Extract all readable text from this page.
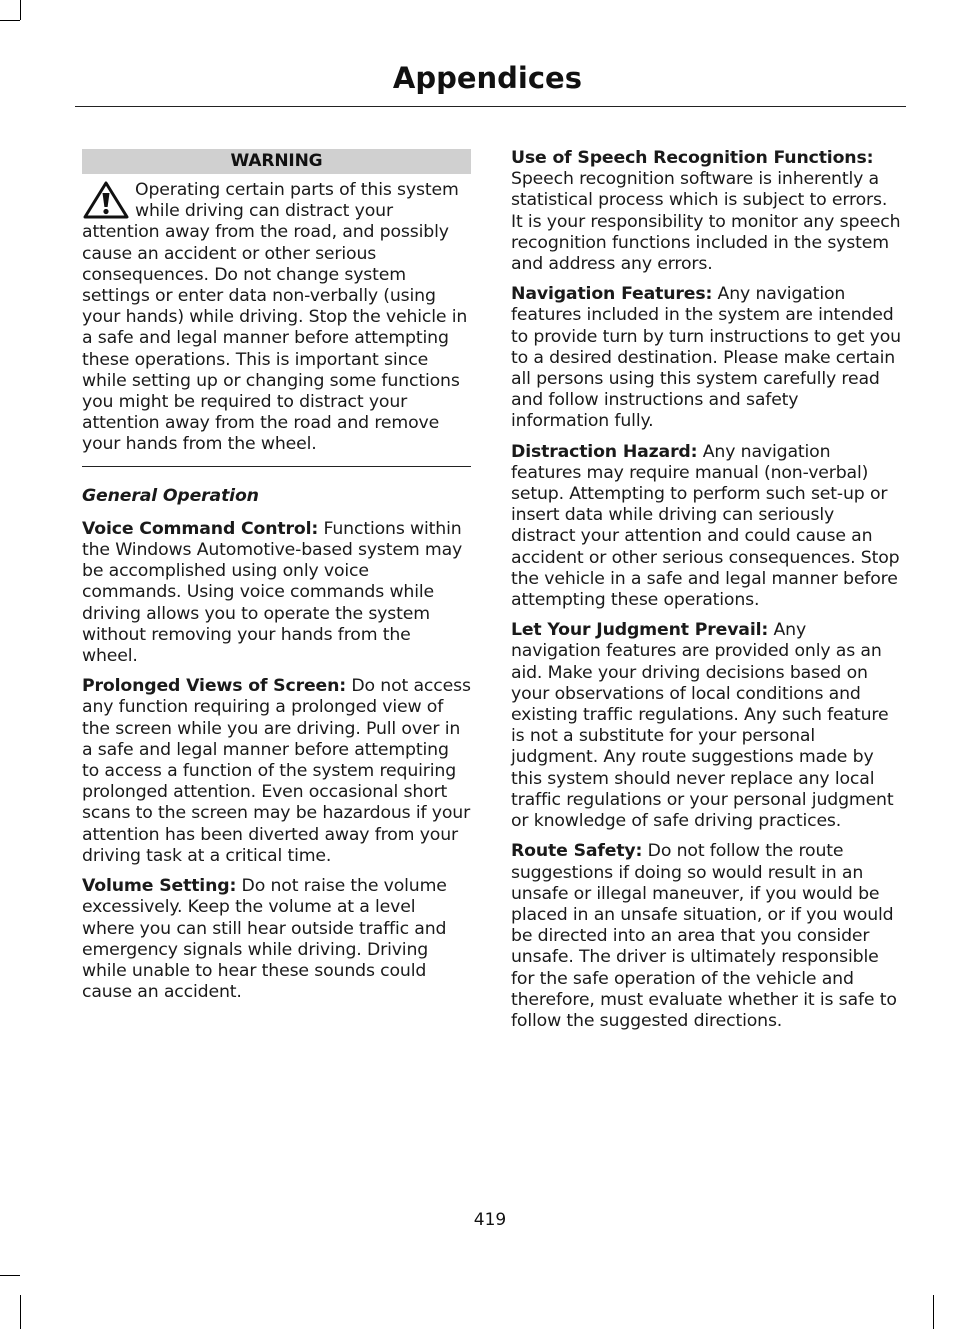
Appendices
WARNING
Operating certain parts of this system while driving can distract your attention away from the road, and possibly cause an accident or other serious consequences. Do not change system settings or enter data non-verbally (using your hands) while driving. Stop the vehicle in a safe and legal manner before attempting these operations. This is important since while setting up or changing some functions you might be required to distract your attention away from the road and remove your hands from the wheel.
General Operation

Voice Command Control: Functions within the Windows Automotive-based system may be accomplished using only voice commands. Using voice commands while driving allows you to operate the system without removing your hands from the wheel.

Prolonged Views of Screen: Do not access any function requiring a prolonged view of the screen while you are driving. Pull over in a safe and legal manner before attempting to access a function of the system requiring prolonged attention. Even occasional short scans to the screen may be hazardous if your attention has been diverted away from your driving task at a critical time.

Volume Setting: Do not raise the volume excessively. Keep the volume at a level where you can still hear outside traffic and emergency signals while driving. Driving while unable to hear these sounds could cause an accident.

Use of Speech Recognition Functions: Speech recognition software is inherently a statistical process which is subject to errors. It is your responsibility to monitor any speech recognition functions included in the system and address any errors.

Navigation Features: Any navigation features included in the system are intended to provide turn by turn instructions to get you to a desired destination. Please make certain all persons using this system carefully read and follow instructions and safety information fully.

Distraction Hazard: Any navigation features may require manual (non-verbal) setup. Attempting to perform such set-up or insert data while driving can seriously distract your attention and could cause an accident or other serious consequences. Stop the vehicle in a safe and legal manner before attempting these operations.

Let Your Judgment Prevail: Any navigation features are provided only as an aid. Make your driving decisions based on your observations of local conditions and existing traffic regulations. Any such feature is not a substitute for your personal judgment. Any route suggestions made by this system should never replace any local traffic regulations or your personal judgment or knowledge of safe driving practices.

Route Safety: Do not follow the route suggestions if doing so would result in an unsafe or illegal maneuver, if you would be placed in an unsafe situation, or if you would be directed into an area that you consider unsafe. The driver is ultimately responsible for the safe operation of the vehicle and therefore, must evaluate whether it is safe to follow the suggested directions.

419
